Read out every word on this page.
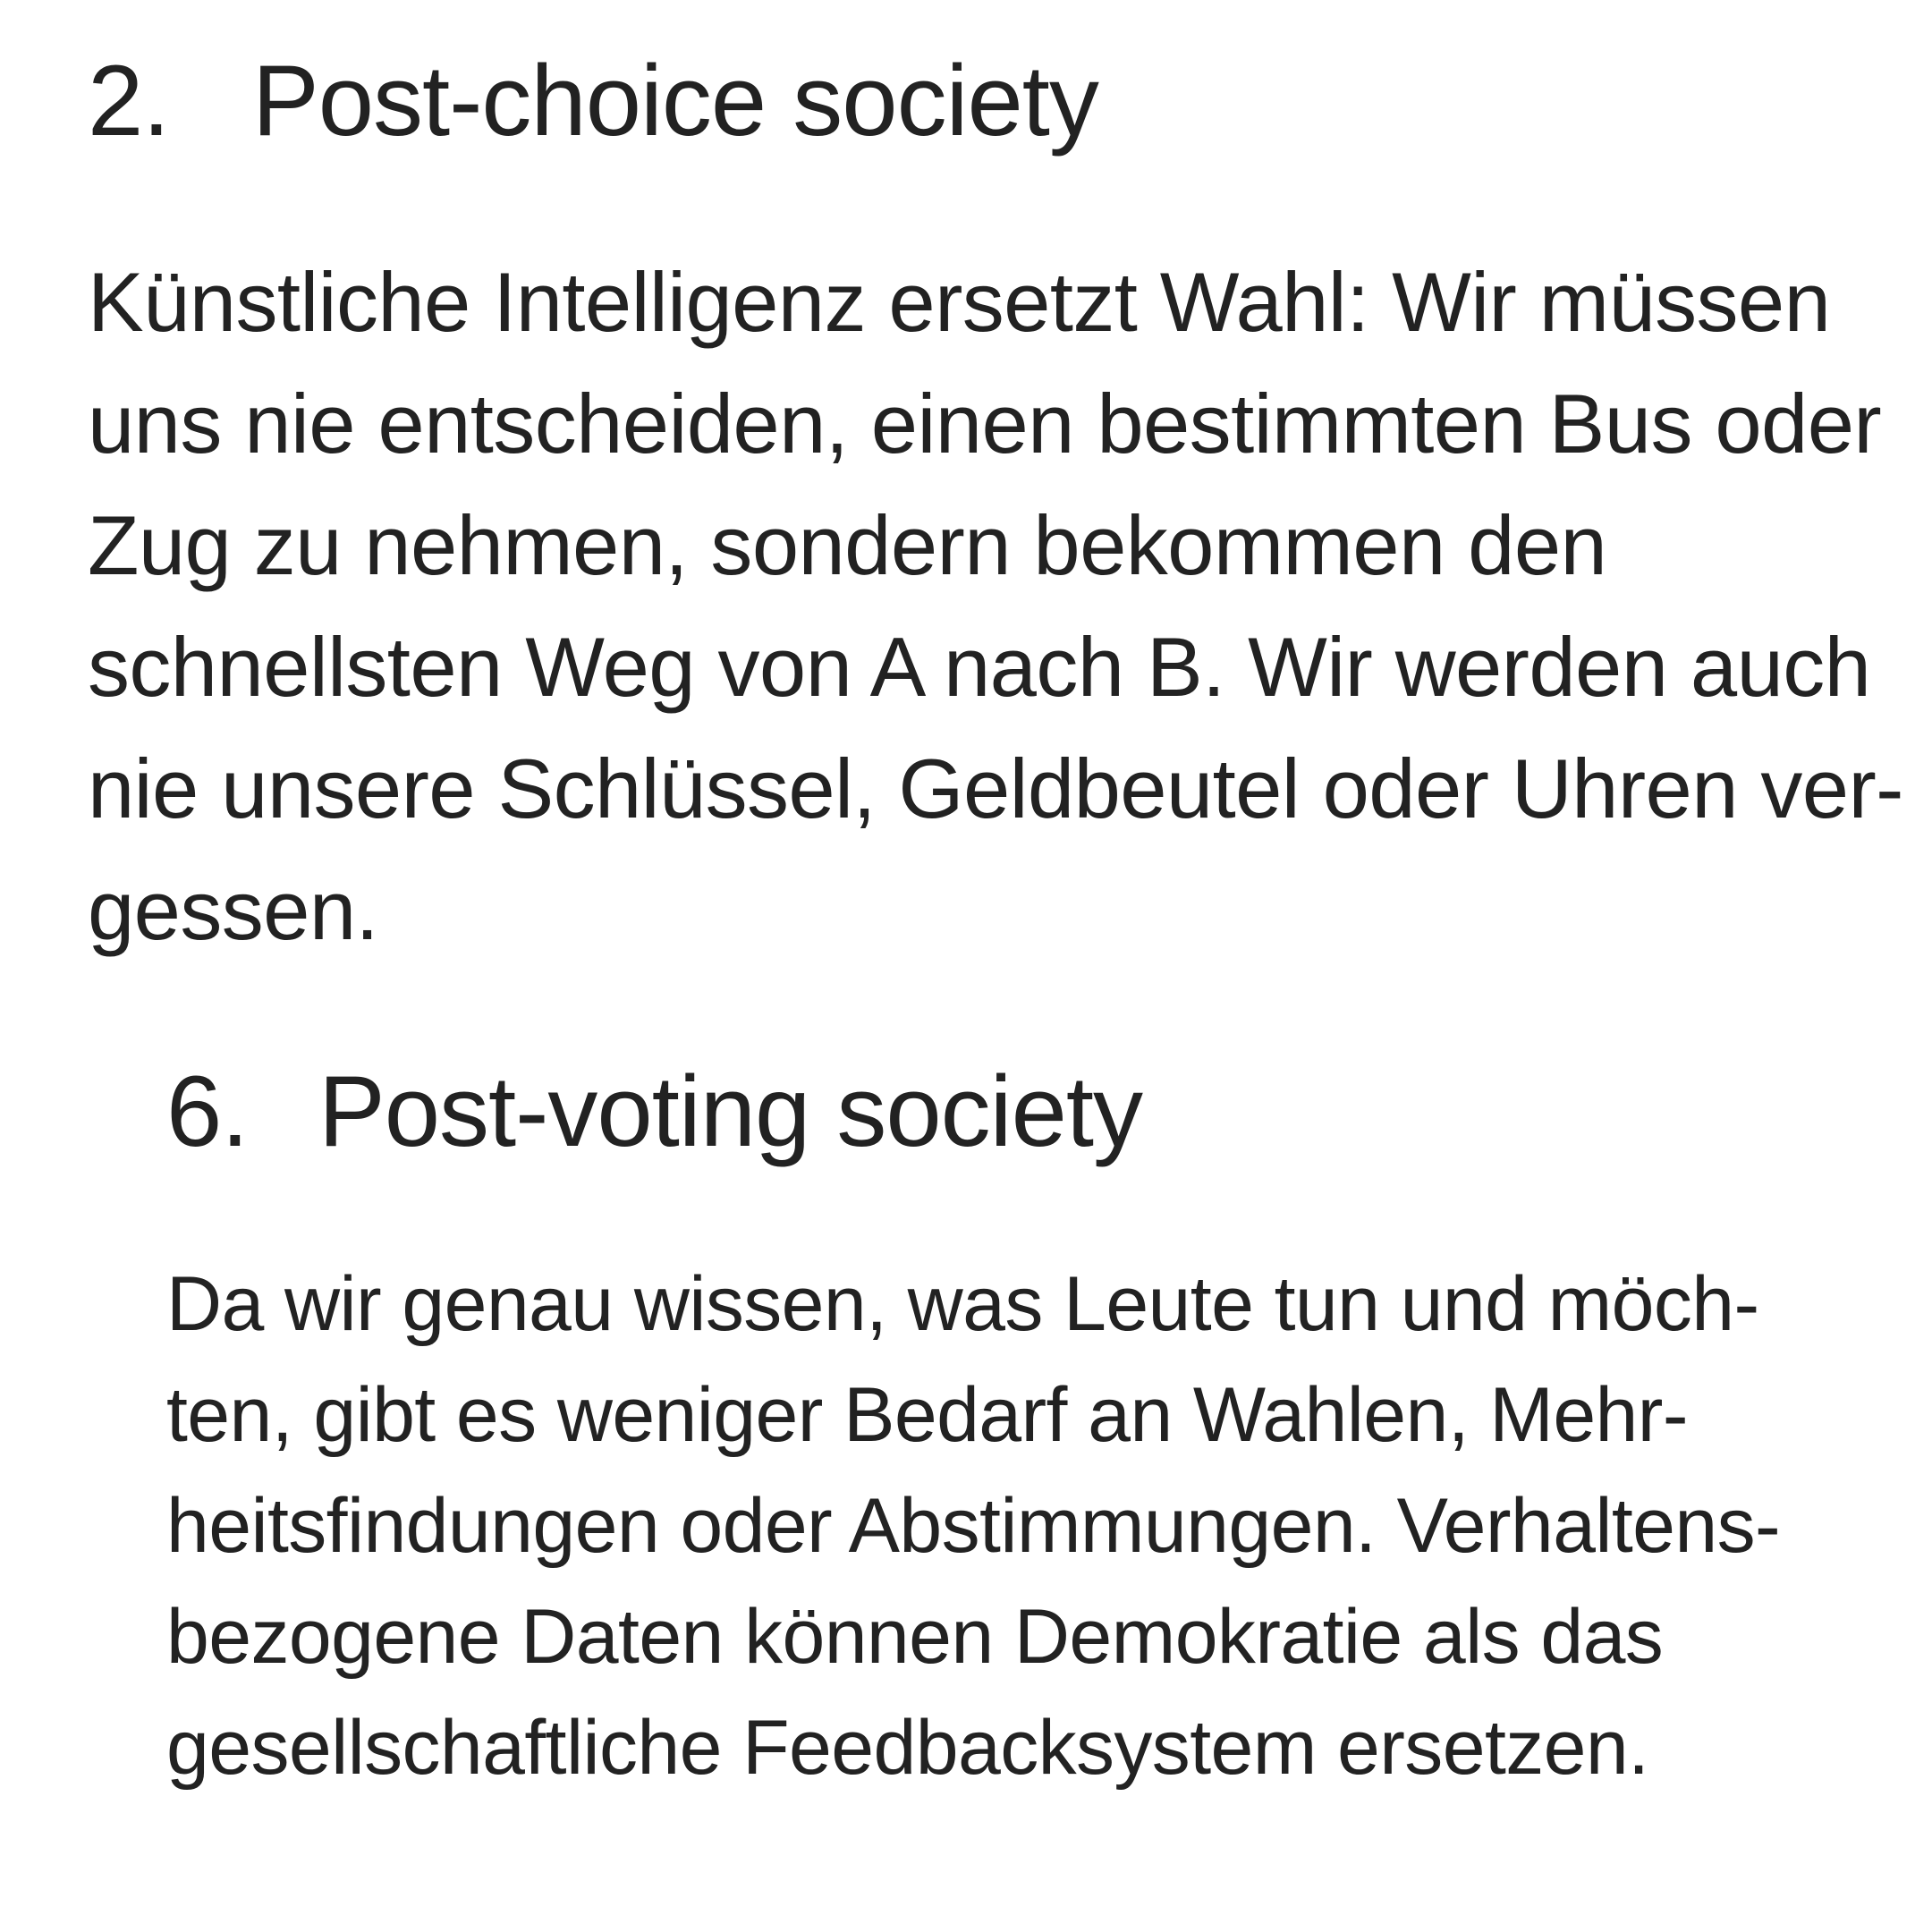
2. Post-choice society

Künstliche Intelligenz ersetzt Wahl: Wir müssen
uns nie entscheiden, einen bestimmten Bus oder
Zug zu nehmen, sondern bekommen den
schnellsten Weg von A nach B. Wir werden auch
nie unsere Schlüssel, Geldbeutel oder Uhren ver-
gessen.

6. Post-voting society

Da wir genau wissen, was Leute tun und möch-
ten, gibt es weniger Bedarf an Wahlen, Mehr-
heitsfindungen oder Abstimmungen. Verhaltens-
bezogene Daten können Demokratie als das
gesellschaftliche Feedbacksystem ersetzen.
